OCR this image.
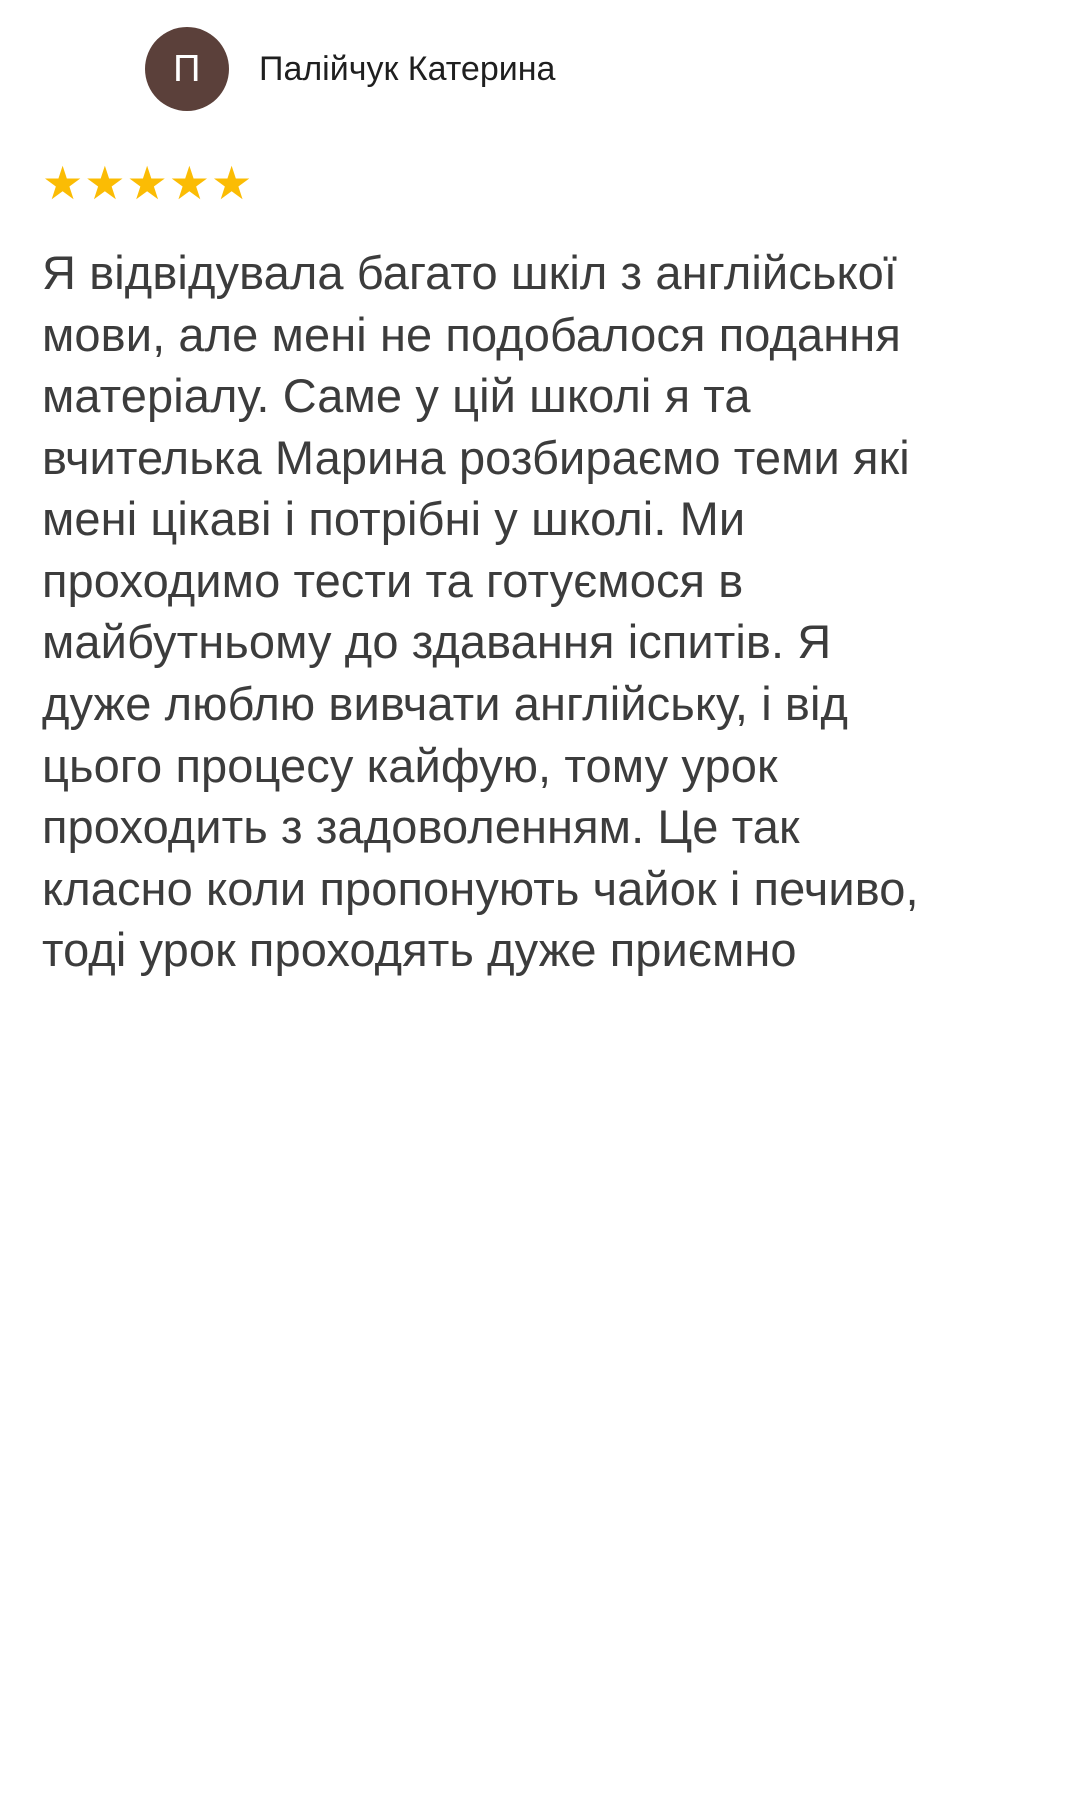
П	Палійчук Катерина
★ ★ ★ ★ ★
Я відвідувала багато шкіл з англійської мови, але мені не подобалося подання матеріалу. Саме у цій школі я та вчителька Марина розбираємо теми які мені цікаві і потрібні у школі. Ми проходимо тести та готуємося в майбутньому до здавання іспитів. Я дуже люблю вивчати англійську, і від цього процесу кайфую, тому урок проходить з задоволенням. Це так класно коли пропонують чайок і печиво, тоді урок проходять дуже приємно
